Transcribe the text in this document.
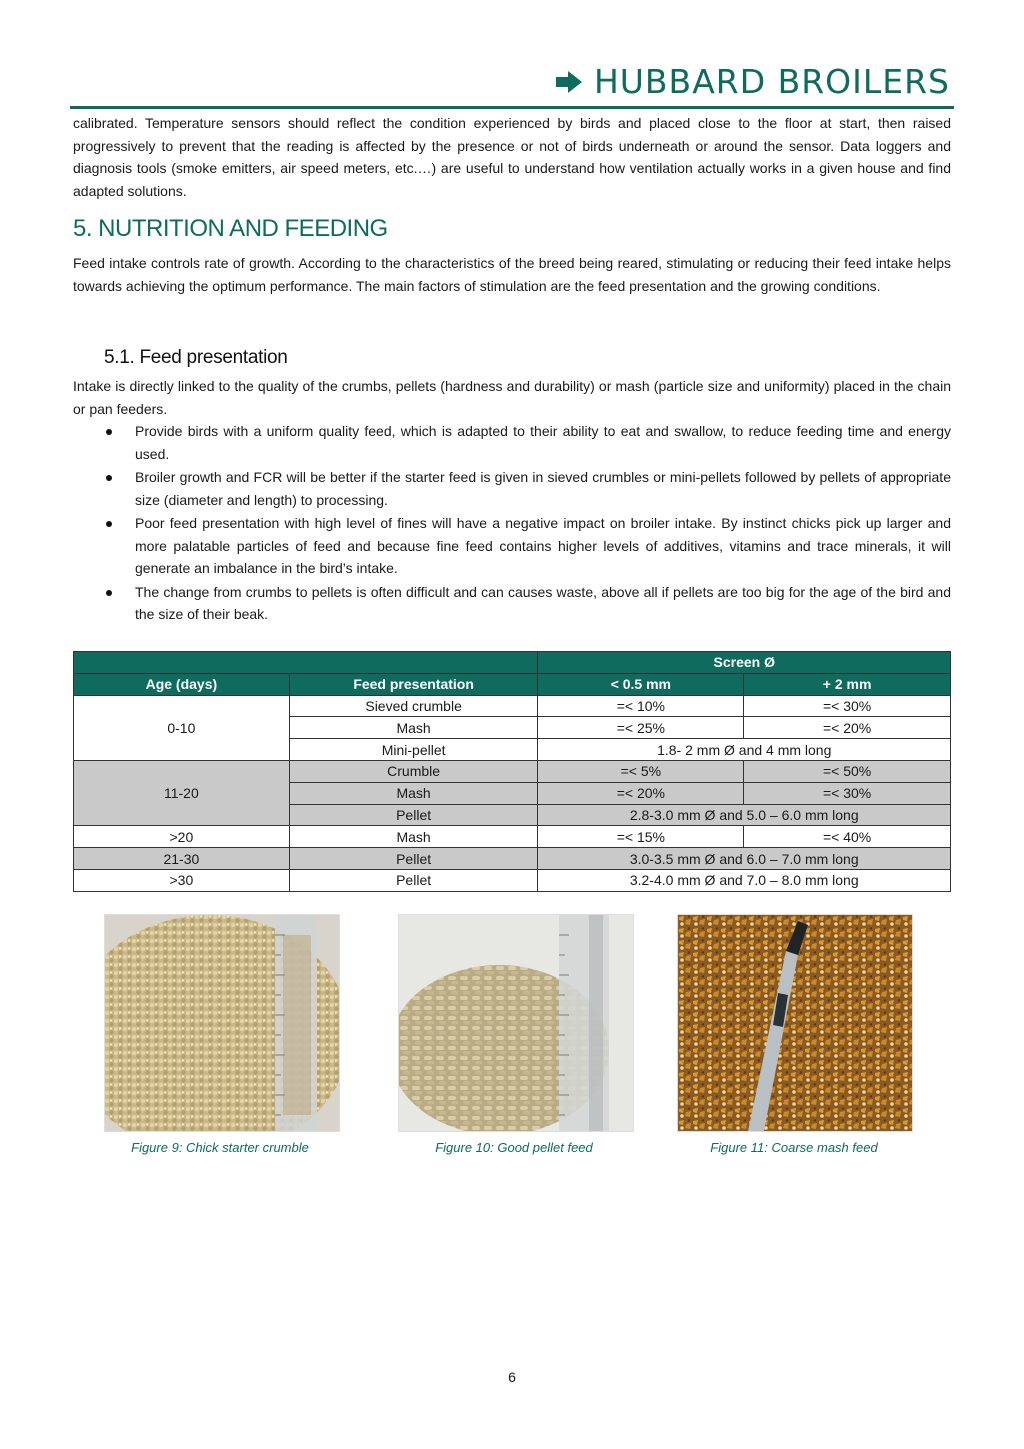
HUBBARD BROILERS
calibrated. Temperature sensors should reflect the condition experienced by birds and placed close to the floor at start, then raised progressively to prevent that the reading is affected by the presence or not of birds underneath or around the sensor. Data loggers and diagnosis tools (smoke emitters, air speed meters, etc.…) are useful to understand how ventilation actually works in a given house and find adapted solutions.
5. NUTRITION AND FEEDING
Feed intake controls rate of growth. According to the characteristics of the breed being reared, stimulating or reducing their feed intake helps towards achieving the optimum performance. The main factors of stimulation are the feed presentation and the growing conditions.
5.1. Feed presentation
Intake is directly linked to the quality of the crumbs, pellets (hardness and durability) or mash (particle size and uniformity) placed in the chain or pan feeders.
Provide birds with a uniform quality feed, which is adapted to their ability to eat and swallow, to reduce feeding time and energy used.
Broiler growth and FCR will be better if the starter feed is given in sieved crumbles or mini-pellets followed by pellets of appropriate size (diameter and length) to processing.
Poor feed presentation with high level of fines will have a negative impact on broiler intake. By instinct chicks pick up larger and more palatable particles of feed and because fine feed contains higher levels of additives, vitamins and trace minerals, it will generate an imbalance in the bird’s intake.
The change from crumbs to pellets is often difficult and can causes waste, above all if pellets are too big for the age of the bird and the size of their beak.
		Screen Ø	
Age (days)	Feed presentation	< 0.5 mm	+ 2 mm
0-10	Sieved crumble	=< 10%	=< 30%
	Mash	=< 25%	=< 20%
	Mini-pellet	1.8- 2 mm Ø and 4 mm long	
11-20	Crumble	=< 5%	=< 50%
	Mash	=< 20%	=< 30%
	Pellet	2.8-3.0 mm Ø and 5.0 – 6.0 mm long	
>20	Mash	=< 15%	=< 40%
21-30	Pellet	3.0-3.5 mm Ø and 6.0 – 7.0 mm long	
>30	Pellet	3.2-4.0 mm Ø and 7.0 – 8.0 mm long	
Figure 9: Chick starter crumble	Figure 10: Good pellet feed	Figure 11: Coarse mash feed
6
